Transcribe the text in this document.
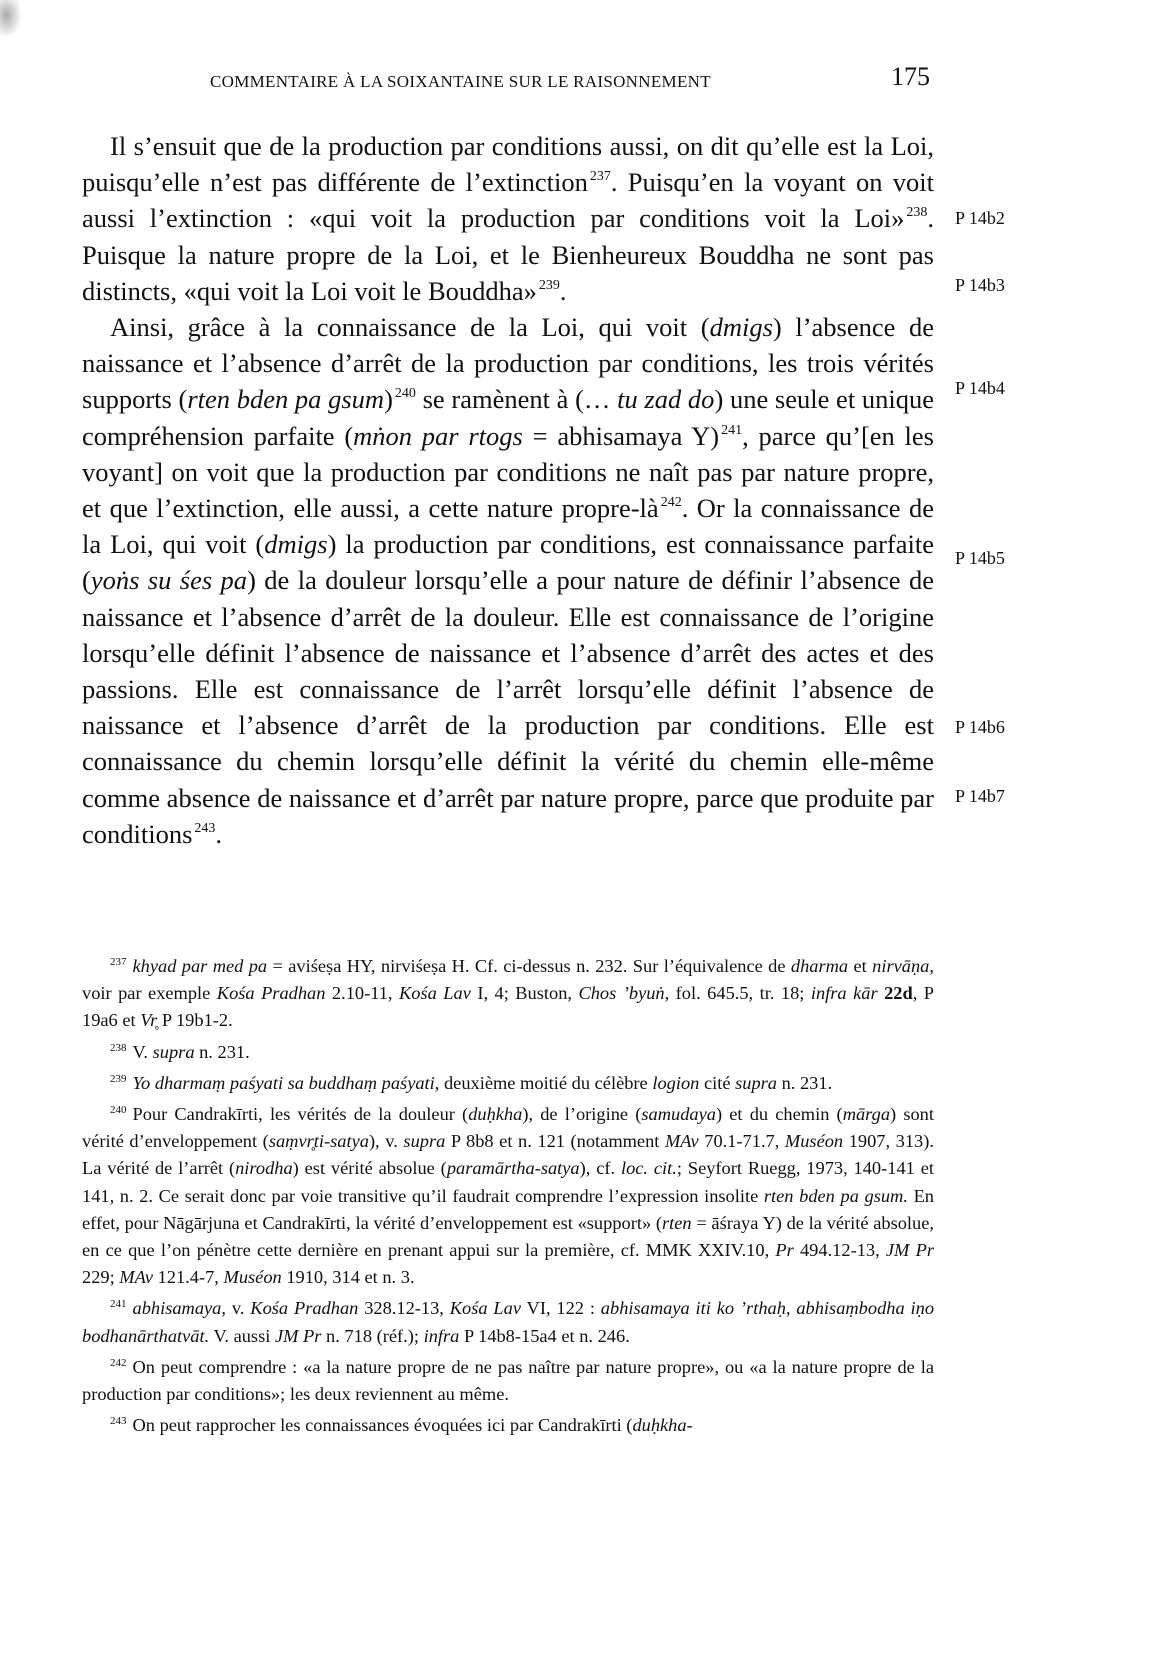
COMMENTAIRE À LA SOIXANTAINE SUR LE RAISONNEMENT	175

Il s’ensuit que de la production par conditions aussi, on dit qu’elle est la Loi, puisqu’elle n’est pas différente de l’extinction $^{237}$. Puisqu’en la voyant on voit aussi l’extinction : «qui voit la production par conditions voit la Loi» $^{238}$. Puisque la nature propre de la Loi, et le Bienheureux Bouddha ne sont pas distincts, «qui voit la Loi voit le Bouddha» $^{239}$.

Ainsi, grâce à la connaissance de la Loi, qui voit (dmigs) l’absence de naissance et l’absence d’arrêt de la production par conditions, les trois vérités supports (rten bden pa gsum) $^{240}$ se ramènent à (… tu zad do) une seule et unique compréhension parfaite (mṅon par rtogs = abhisamaya Y) $^{241}$, parce qu’[en les voyant] on voit que la production par conditions ne naît pas par nature propre, et que l’extinction, elle aussi, a cette nature propre-là $^{242}$. Or la connaissance de la Loi, qui voit (dmigs) la production par conditions, est connaissance parfaite (yoṅs su śes pa) de la douleur lorsqu’elle a pour nature de définir l’absence de naissance et l’absence d’arrêt de la douleur. Elle est connaissance de l’origine lorsqu’elle définit l’absence de naissance et l’absence d’arrêt des actes et des passions. Elle est connaissance de l’arrêt lorsqu’elle définit l’absence de naissance et l’absence d’arrêt de la production par conditions. Elle est connaissance du chemin lorsqu’elle définit la vérité du chemin elle-même comme absence de naissance et d’arrêt par nature propre, parce que produite par conditions $^{243}$.

P 14b2
P 14b3
P 14b4
P 14b5
P 14b6
P 14b7

$^{237}$ khyad par med pa = aviśeṣa HY, nirviśeṣa H. Cf. ci-dessus n. 232. Sur l’équivalence de dharma et nirvāṇa, voir par exemple Kośa Pradhan 2.10-11, Kośa Lav I, 4; Buston, Chos ’byuṅ, fol. 645.5, tr. 18; infra kār 22d, P 19a6 et Vr̥ P 19b1-2.

$^{238}$ V. supra n. 231.

$^{239}$ Yo dharmaṃ paśyati sa buddhaṃ paśyati, deuxième moitié du célèbre logion cité supra n. 231.

$^{240}$ Pour Candrakīrti, les vérités de la douleur (duḥkha), de l’origine (samudaya) et du chemin (mārga) sont vérité d’enveloppement (saṃvr̥ti-satya), v. supra P 8b8 et n. 121 (notamment MAv 70.1-71.7, Muséon 1907, 313). La vérité de l’arrêt (nirodha) est vérité absolue (paramārtha-satya), cf. loc. cit.; Seyfort Ruegg, 1973, 140-141 et 141, n. 2. Ce serait donc par voie transitive qu’il faudrait comprendre l’expression insolite rten bden pa gsum. En effet, pour Nāgārjuna et Candrakīrti, la vérité d’enveloppement est «support» (rten = āśraya Y) de la vérité absolue, en ce que l’on pénètre cette dernière en prenant appui sur la première, cf. MMK XXIV.10, Pr 494.12-13, JM Pr 229; MAv 121.4-7, Muséon 1910, 314 et n. 3.

$^{241}$ abhisamaya, v. Kośa Pradhan 328.12-13, Kośa Lav VI, 122 : abhisamaya iti ko ’rthaḥ, abhisaṃbodha iṇo bodhanārthatvāt. V. aussi JM Pr n. 718 (réf.); infra P 14b8-15a4 et n. 246.

$^{242}$ On peut comprendre : «a la nature propre de ne pas naître par nature propre», ou «a la nature propre de la production par conditions»; les deux reviennent au même.

$^{243}$ On peut rapprocher les connaissances évoquées ici par Candrakīrti (duḥkha-
